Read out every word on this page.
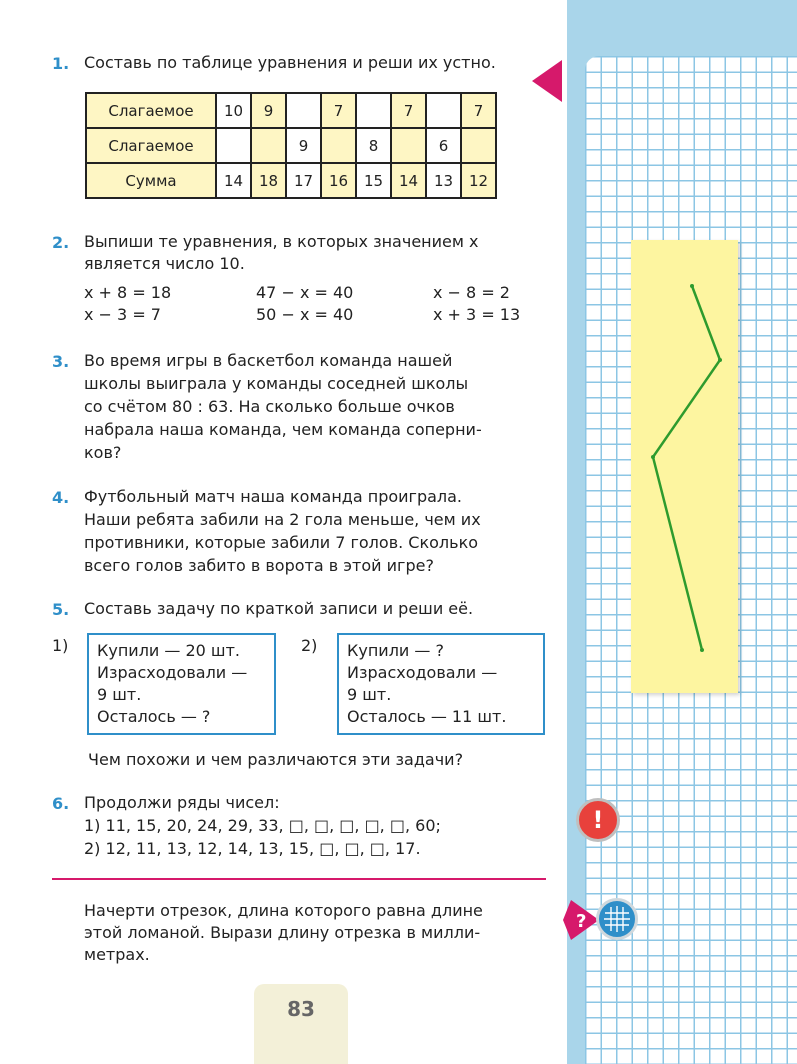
1. Составь по таблице уравнения и реши их устно.
Слагаемое	10	9		7		7		7
Слагаемое			9		8		6	
Сумма	14	18	17	16	15	14	13	12
2. Выпиши те уравнения, в которых значением x
является число 10.
x + 8 = 18	47 − x = 40	x − 8 = 2
x − 3 = 7	50 − x = 40	x + 3 = 13
3. Во время игры в баскетбол команда нашей
школы выиграла у команды соседней школы
со счётом 80 : 63. На сколько больше очков
набрала наша команда, чем команда соперни-
ков?
4. Футбольный матч наша команда проиграла.
Наши ребята забили на 2 гола меньше, чем их
противники, которые забили 7 голов. Сколько
всего голов забито в ворота в этой игре?
5. Составь задачу по краткой записи и реши её.
1) Купили — 20 шт.
Израсходовали —
9 шт.
Осталось — ?
2) Купили — ?
Израсходовали —
9 шт.
Осталось — 11 шт.
Чем похожи и чем различаются эти задачи?
6. Продолжи ряды чисел:
1) 11, 15, 20, 24, 29, 33, □, □, □, □, □, 60;
2) 12, 11, 13, 12, 14, 13, 15, □, □, □, 17.
!
Начерти отрезок, длина которого равна длине
этой ломаной. Вырази длину отрезка в милли-
метрах.
?
83
